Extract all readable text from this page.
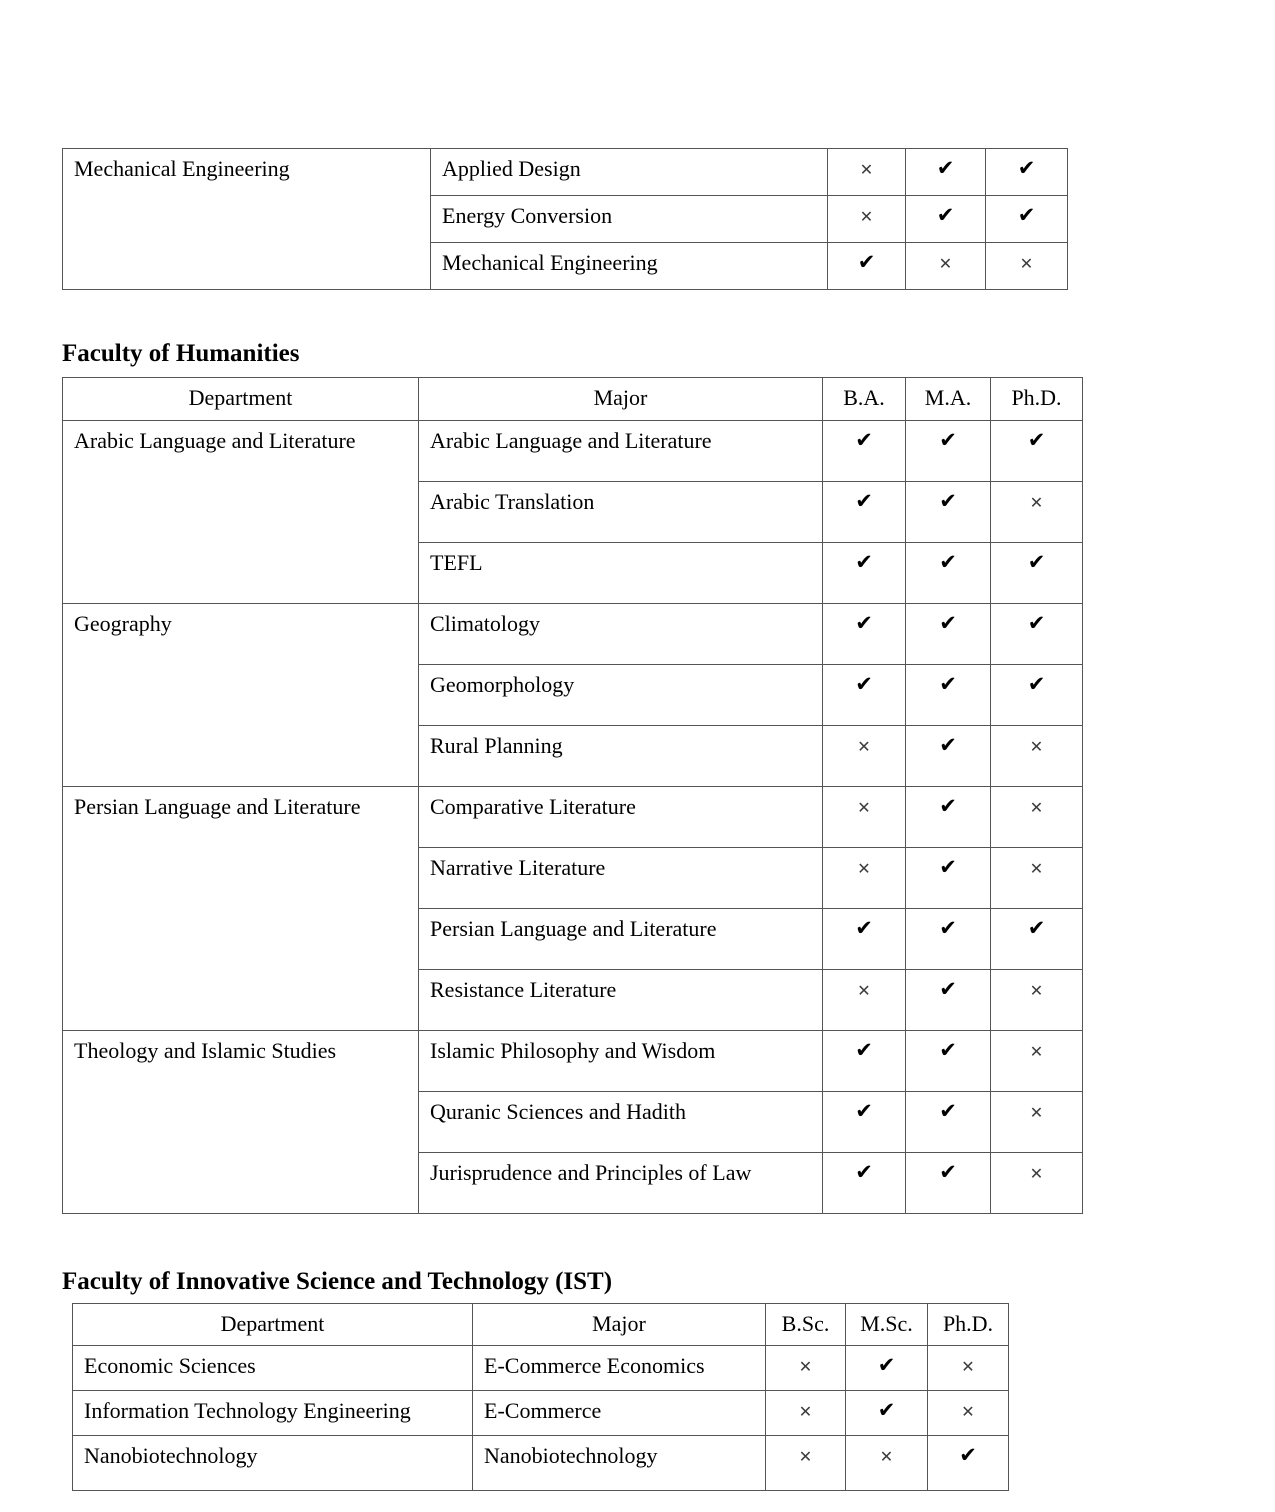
Mechanical Engineering	Applied Design	✕	✔	✔
	Energy Conversion	✕	✔	✔
	Mechanical Engineering	✔	✕	✕
Faculty of Humanities
Department	Major	B.A.	M.A.	Ph.D.
Arabic Language and Literature	Arabic Language and Literature	✔	✔	✔
	Arabic Translation	✔	✔	✕
	TEFL	✔	✔	✔
Geography	Climatology	✔	✔	✔
	Geomorphology	✔	✔	✔
	Rural Planning	✕	✔	✕
Persian Language and Literature	Comparative Literature	✕	✔	✕
	Narrative Literature	✕	✔	✕
	Persian Language and Literature	✔	✔	✔
	Resistance Literature	✕	✔	✕
Theology and Islamic Studies	Islamic Philosophy and Wisdom	✔	✔	✕
	Quranic Sciences and Hadith	✔	✔	✕
	Jurisprudence and Principles of Law	✔	✔	✕
Faculty of Innovative Science and Technology (IST)
Department	Major	B.Sc.	M.Sc.	Ph.D.
Economic Sciences	E-Commerce Economics	✕	✔	✕
Information Technology Engineering	E-Commerce	✕	✔	✕
Nanobiotechnology	Nanobiotechnology	✕	✕	✔
